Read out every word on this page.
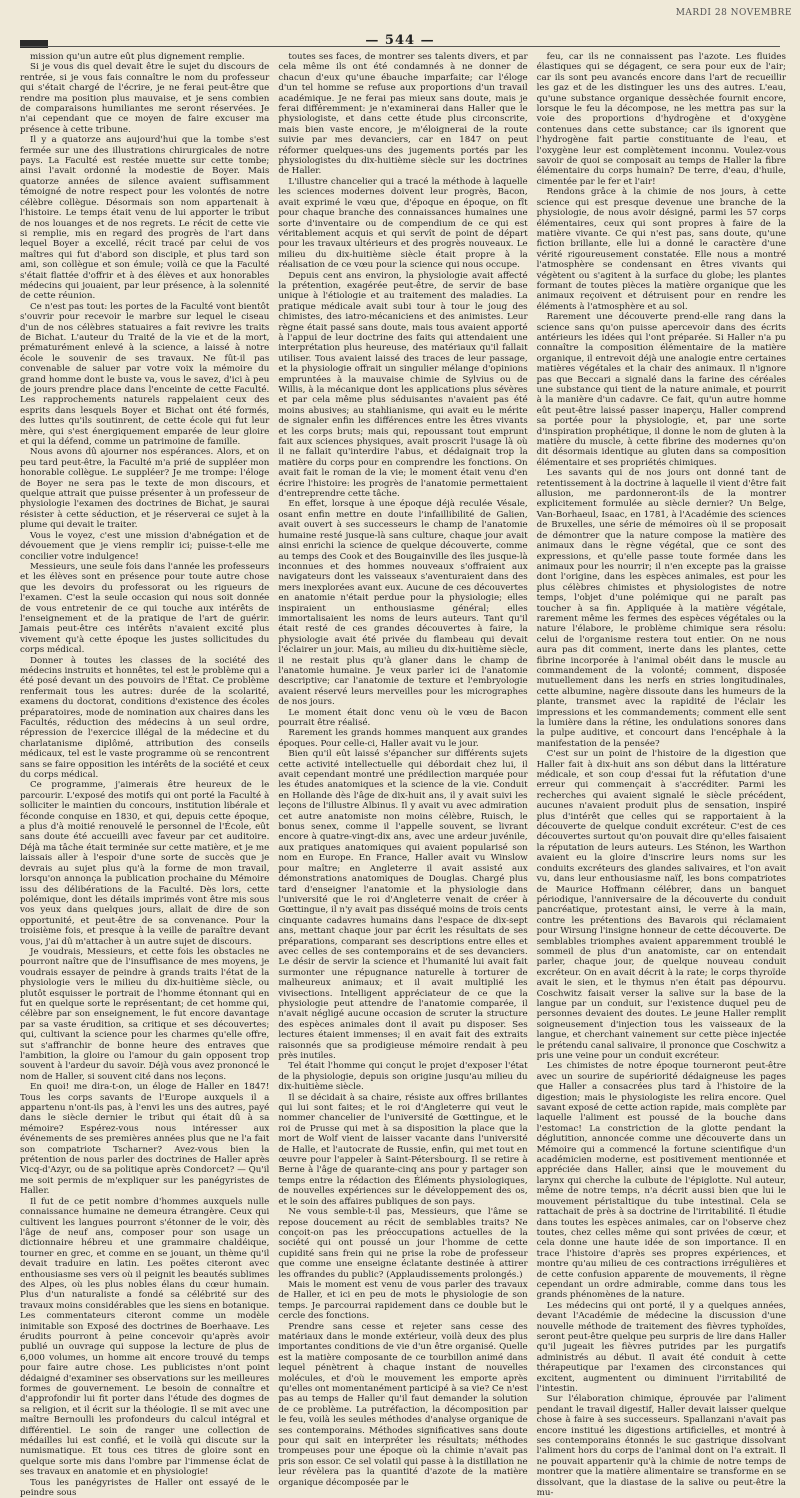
— 544 —
MARDI 28 NOVEMBRE

mission qu'un autre eût plus dignement remplie.

Si je vous dis quel devait être le sujet du discours de rentrée, si je vous fais connaître le nom du professeur qui s'était chargé de l'écrire, je ne ferai peut-être que rendre ma position plus mauvaise, et je sens combien de comparaisons humiliantes me seront réservées. Je n'ai cependant que ce moyen de faire excuser ma présence à cette tribune.

Il y a quatorze ans aujourd'hui que la tombe s'est fermée sur une des illustrations chirurgicales de notre pays. La Faculté est restée muette sur cette tombe; ainsi l'avait ordonné la modestie de Boyer. Mais quatorze années de silence avaient suffisamment témoigné de notre respect pour les volontés de notre célèbre collègue. Désormais son nom appartenait à l'histoire. Le temps était venu de lui apporter le tribut de nos louanges et de nos regrets. Le récit de cette vie si remplie, mis en regard des progrès de l'art dans lequel Boyer a excellé, récit tracé par celui de vos maîtres qui fut d'abord son disciple, et plus tard son ami, son collègue et son émule; voilà ce que la Faculté s'était flattée d'offrir et à des élèves et aux honorables médecins qui jouaient, par leur présence, à la solennité de cette réunion.

Ce n'est pas tout: les portes de la Faculté vont bientôt s'ouvrir pour recevoir le marbre sur lequel le ciseau d'un de nos célèbres statuaires a fait revivre les traits de Bichat. L'auteur du Traité de la vie et de la mort, prématurément enlevé à la science, a laissé à notre école le souvenir de ses travaux. Ne fût-il pas convenable de saluer par votre voix la mémoire du grand homme dont le buste va, vous le savez, d'ici à peu de jours prendre place dans l'enceinte de cette Faculté. Les rapprochements naturels rappelaient ceux des esprits dans lesquels Boyer et Bichat ont été formés, des luttes qu'ils soutinrent, de cette école qui fut leur mère, qui s'est énergiquement emparée de leur gloire et qui la défend, comme un patrimoine de famille.

Nous avons dû ajourner nos espérances. Alors, et on peu tard peut-être, la Faculté m'a prié de suppléer mon honorable collègue. Le suppléer? Je me trompe: l'éloge de Boyer ne sera pas le texte de mon discours, et quelque attrait que puisse présenter à un professeur de physiologie l'examen des doctrines de Bichat, je saurai résister à cette séduction, et je réserverai ce sujet à la plume qui devait le traiter.

Vous le voyez, c'est une mission d'abnégation et de dévouement que je viens remplir ici; puisse-t-elle me concilier votre indulgence!

Messieurs, une seule fois dans l'année les professeurs et les élèves sont en présence pour toute autre chose que les devoirs du professorat ou les rigueurs de l'examen. C'est la seule occasion qui nous soit donnée de vous entretenir de ce qui touche aux intérêts de l'enseignement et de la pratique de l'art de guérir. Jamais peut-être ces intérêts n'avaient excité plus vivement qu'à cette époque les justes sollicitudes du corps médical.

Donner à toutes les classes de la société des médecins instruits et honnêtes, tel est le problème qui a été posé devant un des pouvoirs de l'État. Ce problème renfermait tous les autres: durée de la scolarité, examens du doctorat, conditions d'existence des écoles préparatoires, mode de nomination aux chaires dans les Facultés, réduction des médecins à un seul ordre, répression de l'exercice illégal de la médecine et du charlatanisme diplômé, attribution des conseils médicaux, tel est le vaste programme où se rencontrent sans se faire opposition les intérêts de la société et ceux du corps médical.

Ce programme, j'aimerais être heureux de le parcourir. L'exposé des motifs qui ont porté la Faculté à solliciter le maintien du concours, institution libérale et féconde conquise en 1830, et qui, depuis cette époque, a plus d'à moitié renouvelé le personnel de l'École, eût sans doute été accueilli avec faveur par cet auditoire. Déjà ma tâche était terminée sur cette matière, et je me laissais aller à l'espoir d'une sorte de succès que je devrais au sujet plus qu'à la forme de mon travail, lorsqu'on annonça la publication prochaine du Mémoire issu des délibérations de la Faculté. Dès lors, cette polémique, dont les détails imprimés vont être mis sous vos yeux dans quelques jours, allait de dire de son opportunité, et peut-être de sa convenance. Pour la troisième fois, et presque à la veille de paraître devant vous, j'ai dû m'attacher à un autre sujet de discours.

Je voudrais, Messieurs, et cette fois les obstacles ne pourront naître que de l'insuffisance de mes moyens, je voudrais essayer de peindre à grands traits l'état de la physiologie vers le milieu du dix-huitième siècle, ou plutôt esquisser le portrait de l'homme étonnant qui en fut en quelque sorte le représentant; de cet homme qui, célèbre par son enseignement, le fut encore davantage par sa vaste érudition, sa critique et ses découvertes; qui, cultivant la science pour les charmes qu'elle offre, sut s'affranchir de bonne heure des entraves que l'ambition, la gloire ou l'amour du gain opposent trop souvent à l'ardeur du savoir. Déjà vous avez prononcé le nom de Haller, si souvent cité dans nos leçons.

En quoi! me dira-t-on, un éloge de Haller en 1847! Tous les corps savants de l'Europe auxquels il a appartenu n'ont-ils pas, à l'envi les uns des autres, payé dans le siècle dernier le tribut qui était dû à sa mémoire? Espérez-vous nous intéresser aux événements de ses premières années plus que ne l'a fait son compatriote Tscharner? Avez-vous bien la prétention de nous parler des doctrines de Haller après Vicq-d'Azyr, ou de sa politique après Condorcet? — Qu'il me soit permis de m'expliquer sur les panégyristes de Haller.

Il fut de ce petit nombre d'hommes auxquels nulle connaissance humaine ne demeura étrangère. Ceux qui cultivent les langues pourront s'étonner de le voir, dès l'âge de neuf ans, composer pour son usage un dictionnaire hébreu et une grammaire chaldéique, tourner en grec, et comme en se jouant, un thème qu'il devait traduire en latin. Les poëtes citeront avec enthousiasme ses vers où il peignit les beautés sublimes des Alpes, où les plus nobles élans du cœur humain. Plus d'un naturaliste a fondé sa célébrité sur des travaux moins considérables que les siens en botanique. Les commentateurs citeront comme un modèle inimitable son Exposé des doctrines de Boerhaave. Les érudits pourront à peine concevoir qu'après avoir publié un ouvrage qui suppose la lecture de plus de 6,000 volumes, un homme ait encore trouvé du temps pour faire autre chose. Les publicistes n'ont point dédaigné d'examiner ses observations sur les meilleures formes de gouvernement. Le besoin de connaître et d'approfondir lui fit porter dans l'étude des dogmes de sa religion, et il écrit sur la théologie. Il se mit avec une maître Bernoulli les profondeurs du calcul intégral et différentiel. Le soin de ranger une collection de médailles lui est confié, et le voilà qui discute sur la numismatique. Et tous ces titres de gloire sont en quelque sorte mis dans l'ombre par l'immense éclat de ses travaux en anatomie et en physiologie!

Tous les panégyristes de Haller ont essayé de le peindre sous

toutes ses faces, de montrer ses talents divers, et par cela même ils ont été condamnés à ne donner de chacun d'eux qu'une ébauche imparfaite; car l'éloge d'un tel homme se refuse aux proportions d'un travail académique. Je ne ferai pas mieux sans doute, mais je ferai différemment: je n'examinerai dans Haller que le physiologiste, et dans cette étude plus circonscrite, mais bien vaste encore, je m'éloignerai de la route suivie par mes devanciers, car en 1847 on peut réformer quelques-uns des jugements portés par les physiologistes du dix-huitième siècle sur les doctrines de Haller.

L'illustre chancelier qui a tracé la méthode à laquelle les sciences modernes doivent leur progrès, Bacon, avait exprimé le vœu que, d'époque en époque, on fît pour chaque branche des connaissances humaines une sorte d'inventaire ou de compendium de ce qui est véritablement acquis et qui servît de point de départ pour les travaux ultérieurs et des progrès nouveaux. Le milieu du dix-huitième siècle était propre à la réalisation de ce vœu pour la science qui nous occupe.

Depuis cent ans environ, la physiologie avait affecté la prétention, exagérée peut-être, de servir de base unique à l'étiologie et au traitement des maladies. La pratique médicale avait subi tour à tour le joug des chimistes, des iatro-mécaniciens et des animistes. Leur règne était passé sans doute, mais tous avaient apporté à l'appui de leur doctrine des faits qui attendaient une interprétation plus heureuse, des matériaux qu'il fallait utiliser. Tous avaient laissé des traces de leur passage, et la physiologie offrait un singulier mélange d'opinions empruntées à la mauvaise chimie de Sylvius ou de Willis, à la mécanique dont les applications plus sévères et par cela même plus séduisantes n'avaient pas été moins abusives; au stahlianisme, qui avait eu le mérite de signaler enfin les différences entre les êtres vivants et les corps bruts; mais qui, repoussant tout emprunt fait aux sciences physiques, avait proscrit l'usage là où il ne fallait qu'interdire l'abus, et dédaignait trop la matière du corps pour en comprendre les fonctions. On avait fait le roman de la vie; le moment était venu d'en écrire l'histoire: les progrès de l'anatomie permettaient d'entreprendre cette tâche.

En effet, lorsque à une époque déjà reculée Vésale, osant enfin mettre en doute l'infaillibilité de Galien, avait ouvert à ses successeurs le champ de l'anatomie humaine resté jusque-là sans culture, chaque jour avait ainsi enrichi la science de quelque découverte, comme au temps des Cook et des Bougainville des îles jusque-là inconnues et des hommes nouveaux s'offraient aux navigateurs dont les vaisseaux s'aventuraient dans des mers inexplorées avant eux. Aucune de ces découvertes en anatomie n'était perdue pour la physiologie; elles inspiraient un enthousiasme général; elles immortalisaient les noms de leurs auteurs. Tant qu'il était resté de ces grandes découvertes à faire, la physiologie avait été privée du flambeau qui devait l'éclairer un jour. Mais, au milieu du dix-huitième siècle, il ne restait plus qu'à glaner dans le champ de l'anatomie humaine. Je veux parler ici de l'anatomie descriptive; car l'anatomie de texture et l'embryologie avaient réservé leurs merveilles pour les micrographes de nos jours.

Le moment était donc venu où le vœu de Bacon pourrait être réalisé.

Rarement les grands hommes manquent aux grandes époques. Pour celle-ci, Haller avait vu le jour.

Bien qu'il eût laissé s'épancher sur différents sujets cette activité intellectuelle qui débordait chez lui, il avait cependant montré une prédilection marquée pour les études anatomiques et la science de la vie. Conduit en Hollande dès l'âge de dix-huit ans, il y avait suivi les leçons de l'illustre Albinus. Il y avait vu avec admiration cet autre anatomiste non moins célèbre, Ruisch, le bonus senex, comme il l'appelle souvent, se livrant encore à quatre-vingt-dix ans, avec une ardeur juvénile, aux pratiques anatomiques qui avaient popularisé son nom en Europe. En France, Haller avait vu Winslow pour maître; en Angleterre il avait assisté aux démonstrations anatomiques de Douglas. Chargé plus tard d'enseigner l'anatomie et la physiologie dans l'université que le roi d'Angleterre venait de créer à Gœttingue, il n'y avait pas disséqué moins de trois cents cinquante cadavres humains dans l'espace de dix-sept ans, mettant chaque jour par écrit les résultats de ses préparations, comparant ses descriptions entre elles et avec celles de ses contemporains et de ses devanciers. Le désir de servir la science et l'humanité lui avait fait surmonter une répugnance naturelle à torturer de malheureux animaux; et il avait multiplié les vivisections. Intelligent appréciateur de ce que la physiologie peut attendre de l'anatomie comparée, il n'avait négligé aucune occasion de scruter la structure des espèces animales dont il avait pu disposer. Ses lectures étaient immenses; il en avait fait des extraits raisonnés que sa prodigieuse mémoire rendait à peu près inutiles.

Tel était l'homme qui conçut le projet d'exposer l'état de la physiologie, depuis son origine jusqu'au milieu du dix-huitième siècle.

Il se décidait à sa chaire, résiste aux offres brillantes qui lui sont faites; et le roi d'Angleterre qui veut le nommer chancelier de l'université de Gœttingue, et le roi de Prusse qui met à sa disposition la place que la mort de Wolf vient de laisser vacante dans l'université de Halle, et l'autocrate de Russie, enfin, qui met tout en œuvre pour l'appeler à Saint-Pétersbourg. Il se retire à Berne à l'âge de quarante-cinq ans pour y partager son temps entre la rédaction des Éléments physiologiques, de nouvelles expériences sur le développement des os, et le soin des affaires publiques de son pays.

Ne vous semble-t-il pas, Messieurs, que l'âme se repose doucement au récit de semblables traits? Ne conçoit-on pas les préoccupations actuelles de la société qui ont poussé un jour l'homme de cette cupidité sans frein qui ne prise la robe de professeur que comme une enseigne éclatante destinée à attirer les offrandes du public? (Applaudissements prolongés.)

Mais le moment est venu de vous parler des travaux de Haller, et ici en peu de mots le physiologie de son temps. Je parcourrai rapidement dans ce double but le cercle des fonctions.

Prendre sans cesse et rejeter sans cesse des matériaux dans le monde extérieur, voilà deux des plus importantes conditions de vie d'un être organisé. Quelle est la matière composante de ce tourbillon animé dans lequel pénètrent à chaque instant de nouvelles molécules, et d'où le mouvement les emporte après qu'elles ont momentanément participé à sa vie? Ce n'est pas au temps de Haller qu'il faut demander la solution de ce problème. La putréfaction, la décomposition par le feu, voilà les seules méthodes d'analyse organique de ses contemporains. Méthodes significatives sans doute pour qui sait en interpréter les résultats; méthodes trompeuses pour une époque où la chimie n'avait pas pris son essor. Ce sel volatil qui passe à la distillation ne leur révèlera pas la quantité d'azote de la matière organique décomposée par le

feu, car ils ne connaissent pas l'azote. Les fluides élastiques qui se dégagent, ce sera pour eux de l'air; car ils sont peu avancés encore dans l'art de recueillir les gaz et de les distinguer les uns des autres. L'eau, qu'une substance organique dessèchée fournit encore, lorsque le feu la décompose, ne les mettra pas sur la voie des proportions d'hydrogène et d'oxygène contenues dans cette substance; car ils ignorent que l'hydrogène fait partie constituante de l'eau, et l'oxygène leur est complètement inconnu. Voulez-vous savoir de quoi se composait au temps de Haller la fibre élémentaire du corps humain? De terre, d'eau, d'huile, cimentée par le fer et l'air!

Rendons grâce à la chimie de nos jours, à cette science qui est presque devenue une branche de la physiologie, de nous avoir désigné, parmi les 57 corps élémentaires, ceux qui sont propres à faire de la matière vivante. Ce qui n'est pas, sans doute, qu'une fiction brillante, elle lui a donné le caractère d'une vérité rigoureusement constatée. Elle nous a montré l'atmosphère se condensant en êtres vivants qui végètent ou s'agitent à la surface du globe; les plantes formant de toutes pièces la matière organique que les animaux reçoivent et détruisent pour en rendre les éléments à l'atmosphère et au sol.

Rarement une découverte prend-elle rang dans la science sans qu'on puisse apercevoir dans des écrits antérieurs les idées qui l'ont préparée. Si Haller n'a pu connaître la composition élémentaire de la matière organique, il entrevoit déjà une analogie entre certaines matières végétales et la chair des animaux. Il n'ignore pas que Beccari a signalé dans la farine des céréales une substance qui tient de la nature animale, et pourrit à la manière d'un cadavre. Ce fait, qu'un autre homme eût peut-être laissé passer inaperçu, Haller comprend sa portée pour la physiologie, et, par une sorte d'inspiration prophétique, il donne le nom de gluten à la matière du muscle, à cette fibrine des modernes qu'on dit désormais identique au gluten dans sa composition élémentaire et ses propriétés chimiques.

Les savants qui de nos jours ont donné tant de retentissement à la doctrine à laquelle il vient d'être fait allusion, me pardonneront-ils de la montrer explicitement formulée au siècle dernier? Un Belge, Van-Borhaeul, Isaac, en 1781, à l'Académie des sciences de Bruxelles, une série de mémoires où il se proposait de démontrer que la nature compose la matière des animaux dans le règne végétal, que ce sont des expressions, et qu'elle passe toute formée dans les animaux pour les nourrir; il n'en excepte pas la graisse dont l'origine, dans les espèces animales, est pour les plus célèbres chimistes et physiologistes de notre temps, l'objet d'une polémique qui ne paraît pas toucher à sa fin. Appliquée à la matière végétale, rarement même les fermes des espèces végétales ou la nature l'élabore, le problème chimique sera résolu: celui de l'organisme restera tout entier. On ne nous aura pas dit comment, inerte dans les plantes, cette fibrine incorporée à l'animal obéit dans le muscle au commandement de la volonté; comment, disposée mutuellement dans les nerfs en stries longitudinales, cette albumine, nagère dissoute dans les humeurs de la plante, transmet avec la rapidité de l'éclair les impressions et les commandements; comment elle sent la lumière dans la rétine, les ondulations sonores dans la pulpe auditive, et concourt dans l'encéphale à la manifestation de la pensée?

C'est sur un point de l'histoire de la digestion que Haller fait à dix-huit ans son début dans la littérature médicale, et son coup d'essai fut la réfutation d'une erreur qui commençait à s'accréditer. Parmi les recherches qui avaient signalé le siècle précédent, aucunes n'avaient produit plus de sensation, inspiré plus d'intérêt que celles qui se rapportaient à la découverte de quelque conduit excréteur. C'est de ces découvertes surtout qu'on pouvait dire qu'elles faisaient la réputation de leurs auteurs. Les Sténon, les Warthon avaient eu la gloire d'inscrire leurs noms sur les conduits excréteurs des glandes salivaires, et l'on avait vu, dans leur enthousiasme naïf, les bons compatriotes de Maurice Hoffmann célébrer, dans un banquet périodique, l'anniversaire de la découverte du conduit pancréatique, protestant ainsi, le verre à la main, contre les prétentions des Bavarois qui réclamaient pour Wirsung l'insigne honneur de cette découverte. De semblables triomphes avaient apparemment troublé le sommeil de plus d'un anatomiste, car on entendait parler, chaque jour, de quelque nouveau conduit excréteur. On en avait décrit à la rate; le corps thyroïde avait le sien, et le thymus n'en était pas dépourvu. Coschwitz faisait verser la salive sur la base de la langue par un conduit, sur l'existence duquel peu de personnes devaient des doutes. Le jeune Haller remplit soigneusement d'injection tous les vaisseaux de la langue, et cherchant vainement sur cette pièce injectée le prétendu canal salivaire, il prononce que Coschwitz a pris une veine pour un conduit excréteur.

Les chimistes de notre époque tourneront peut-être avec un sourire de supériorité dédaigneuse les pages que Haller a consacrées plus tard à l'histoire de la digestion; mais le physiologiste les relira encore. Quel savant exposé de cette action rapide, mais complète par laquelle l'aliment est poussé de la bouche dans l'estomac! La constriction de la glotte pendant la déglutition, annoncée comme une découverte dans un Mémoire qui a commencé la fortune scientifique d'un académicien moderne, est positivement mentionnée et appréciée dans Haller, ainsi que le mouvement du larynx qui cherche la culbute de l'épiglotte. Nul auteur, même de notre temps, n'a décrit aussi bien que lui le mouvement péristaltique du tube intestinal. Cela se rattachait de près à sa doctrine de l'irritabilité. Il étudie dans toutes les espèces animales, car on l'observe chez toutes, chez celles même qui sont privées de cœur, et cela donne une haute idée de son importance. Il en trace l'histoire d'après ses propres expériences, et montre qu'au milieu de ces contractions irrégulières et de cette confusion apparente de mouvements, il règne cependant un ordre admirable, comme dans tous les grands phénomènes de la nature.

Les médecins qui ont porté, il y a quelques années, devant l'Académie de médecine la discussion d'une nouvelle méthode de traitement des fièvres typhoïdes, seront peut-être quelque peu surpris de lire dans Haller qu'il jugeait les fièvres putrides par les purgatifs administrés au début. Il avait été conduit à cette thérapeutique par l'examen des circonstances qui excitent, augmentent ou diminuent l'irritabilité de l'intestin.

Sur l'élaboration chimique, éprouvée par l'aliment pendant le travail digestif, Haller devait laisser quelque chose à faire à ses successeurs. Spallanzani n'avait pas encore institué les digestions artificielles, et montré à ses contemporains étonnés le suc gastrique dissolvant l'aliment hors du corps de l'animal dont on l'a extrait. Il ne pouvait appartenir qu'à la chimie de notre temps de montrer que la matière alimentaire se transforme en se dissolvant, que la diastase de la salive ou peut-être la mu-
